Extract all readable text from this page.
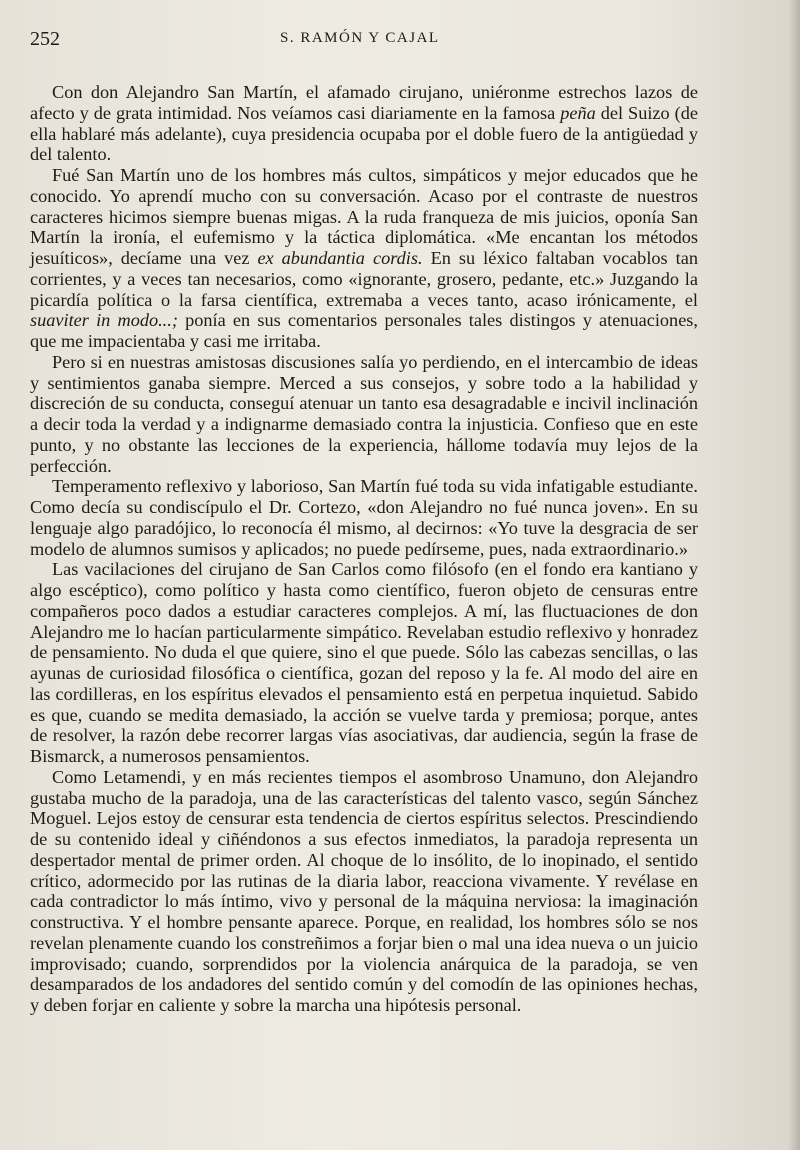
252	S. RAMÓN Y CAJAL

Con don Alejandro San Martín, el afamado cirujano, uniéronme estrechos lazos de afecto y de grata intimidad. Nos veíamos casi diariamente en la famosa peña del Suizo (de ella hablaré más adelante), cuya presidencia ocupaba por el doble fuero de la antigüedad y del talento.

Fué San Martín uno de los hombres más cultos, simpáticos y mejor educados que he conocido. Yo aprendí mucho con su conversación. Acaso por el contraste de nuestros caracteres hicimos siempre buenas migas. A la ruda franqueza de mis juicios, oponía San Martín la ironía, el eufemismo y la táctica diplomática. «Me encantan los métodos jesuíticos», decíame una vez ex abundantia cordis. En su léxico faltaban vocablos tan corrientes, y a veces tan necesarios, como «ignorante, grosero, pedante, etc.» Juzgando la picardía política o la farsa científica, extremaba a veces tanto, acaso irónicamente, el suaviter in modo...; ponía en sus comentarios personales tales distingos y atenuaciones, que me impacientaba y casi me irritaba.

Pero si en nuestras amistosas discusiones salía yo perdiendo, en el intercambio de ideas y sentimientos ganaba siempre. Merced a sus consejos, y sobre todo a la habilidad y discreción de su conducta, conseguí atenuar un tanto esa desagradable e incivil inclinación a decir toda la verdad y a indignarme demasiado contra la injusticia. Confieso que en este punto, y no obstante las lecciones de la experiencia, hállome todavía muy lejos de la perfección.

Temperamento reflexivo y laborioso, San Martín fué toda su vida infatigable estudiante. Como decía su condiscípulo el Dr. Cortezo, «don Alejandro no fué nunca joven». En su lenguaje algo paradójico, lo reconocía él mismo, al decirnos: «Yo tuve la desgracia de ser modelo de alumnos sumisos y aplicados; no puede pedírseme, pues, nada extraordinario.»

Las vacilaciones del cirujano de San Carlos como filósofo (en el fondo era kantiano y algo escéptico), como político y hasta como científico, fueron objeto de censuras entre compañeros poco dados a estudiar caracteres complejos. A mí, las fluctuaciones de don Alejandro me lo hacían particularmente simpático. Revelaban estudio reflexivo y honradez de pensamiento. No duda el que quiere, sino el que puede. Sólo las cabezas sencillas, o las ayunas de curiosidad filosófica o científica, gozan del reposo y la fe. Al modo del aire en las cordilleras, en los espíritus elevados el pensamiento está en perpetua inquietud. Sabido es que, cuando se medita demasiado, la acción se vuelve tarda y premiosa; porque, antes de resolver, la razón debe recorrer largas vías asociativas, dar audiencia, según la frase de Bismarck, a numerosos pensamientos.

Como Letamendi, y en más recientes tiempos el asombroso Unamuno, don Alejandro gustaba mucho de la paradoja, una de las características del talento vasco, según Sánchez Moguel. Lejos estoy de censurar esta tendencia de ciertos espíritus selectos. Prescindiendo de su contenido ideal y ciñéndonos a sus efectos inmediatos, la paradoja representa un despertador mental de primer orden. Al choque de lo insólito, de lo inopinado, el sentido crítico, adormecido por las rutinas de la diaria labor, reacciona vivamente. Y revélase en cada contradictor lo más íntimo, vivo y personal de la máquina nerviosa: la imaginación constructiva. Y el hombre pensante aparece. Porque, en realidad, los hombres sólo se nos revelan plenamente cuando los constreñimos a forjar bien o mal una idea nueva o un juicio improvisado; cuando, sorprendidos por la violencia anárquica de la paradoja, se ven desamparados de los andadores del sentido común y del comodín de las opiniones hechas, y deben forjar en caliente y sobre la marcha una hipótesis personal.
